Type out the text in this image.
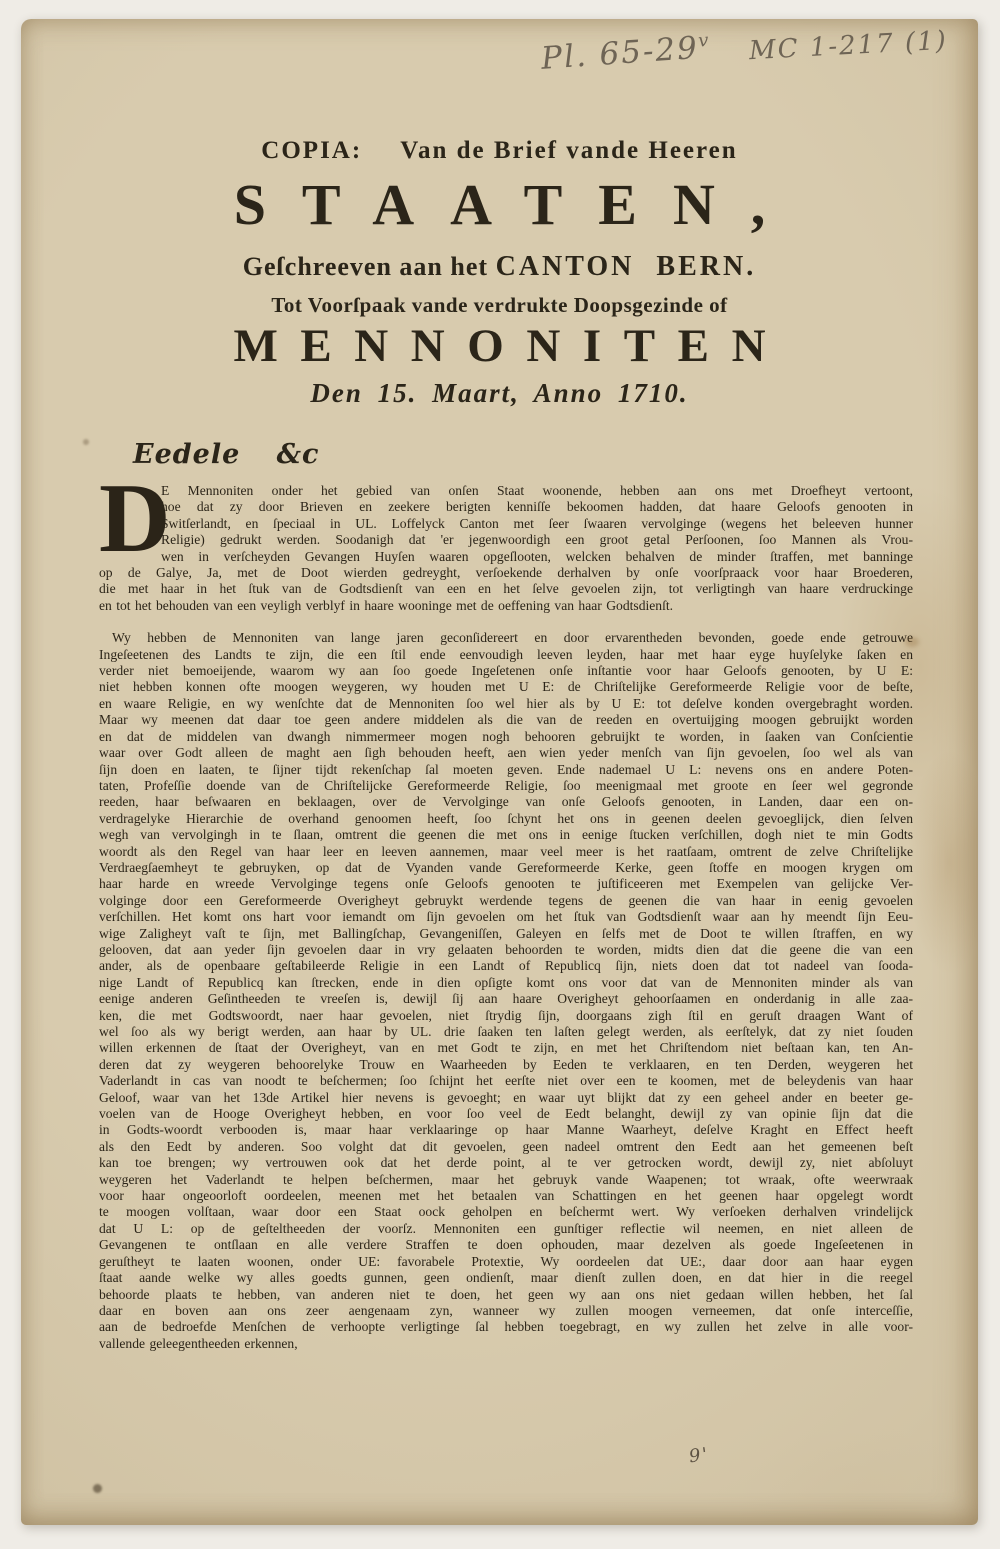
Pl. 65-29$^v$ MC 1-217 (1)
9'
COPIA: Van de Brief vande Heeren
STAATEN,
Geſchreeven aan het CANTON BERN.
Tot Voorſpaak vande verdrukte Doopsgezinde of
MENNONITEN
Den 15. Maart, Anno 1710.
Eedele &c
D
E Mennoniten onder het gebied van onſen Staat woonende, hebben aan ons met Droefheyt vertoont,
hoe dat zy door Brieven en zeekere berigten kenniſſe bekoomen hadden, dat haare Geloofs genooten in
Switſerlandt, en ſpeciaal in UL. Loffelyck Canton met ſeer ſwaaren vervolginge (wegens het beleeven hunner
Religie) gedrukt werden. Soodanigh dat 'er jegenwoordigh een groot getal Perſoonen, ſoo Mannen als Vrou-
wen in verſcheyden Gevangen Huyſen waaren opgeſlooten, welcken behalven de minder ſtraffen, met banninge
op de Galye, Ja, met de Doot wierden gedreyght, verſoekende derhalven by onſe voorſpraack voor haar Broederen,
die met haar in het ſtuk van de Godtsdienſt van een en het ſelve gevoelen zijn, tot verligtingh van haare verdruckinge
en tot het behouden van een veyligh verblyf in haare wooninge met de oeffening van haar Godtsdienſt.
Wy hebben de Mennoniten van lange jaren geconſidereert en door ervarentheden bevonden, goede ende getrouwe
Ingeſeetenen des Landts te zijn, die een ſtil ende eenvoudigh leeven leyden, haar met haar eyge huyſelyke ſaken en
verder niet bemoeijende, waarom wy aan ſoo goede Ingeſetenen onſe inſtantie voor haar Geloofs genooten, by U E:
niet hebben konnen ofte moogen weygeren, wy houden met U E: de Chriſtelijke Gereformeerde Religie voor de beſte,
en waare Religie, en wy wenſchte dat de Mennoniten ſoo wel hier als by U E: tot deſelve konden overgebraght worden.
Maar wy meenen dat daar toe geen andere middelen als die van de reeden en overtuijging moogen gebruijkt worden
en dat de middelen van dwangh nimmermeer mogen nogh behooren gebruijkt te worden, in ſaaken van Conſcientie
waar over Godt alleen de maght aen ſigh behouden heeft, aen wien yeder menſch van ſijn gevoelen, ſoo wel als van
ſijn doen en laaten, te ſijner tijdt rekenſchap ſal moeten geven. Ende nademael U L: nevens ons en andere Poten-
taten, Profeſſie doende van de Chriſtelijcke Gereformeerde Religie, ſoo meenigmaal met groote en ſeer wel gegronde
reeden, haar beſwaaren en beklaagen, over de Vervolginge van onſe Geloofs genooten, in Landen, daar een on-
verdragelyke Hierarchie de overhand genoomen heeft, ſoo ſchynt het ons in geenen deelen gevoeglijck, dien ſelven
wegh van vervolgingh in te ſlaan, omtrent die geenen die met ons in eenige ſtucken verſchillen, dogh niet te min Godts
woordt als den Regel van haar leer en leeven aannemen, maar veel meer is het raatſaam, omtrent de zelve Chriſtelijke
Verdraegſaemheyt te gebruyken, op dat de Vyanden vande Gereformeerde Kerke, geen ſtoffe en moogen krygen om
haar harde en wreede Vervolginge tegens onſe Geloofs genooten te juſtificeeren met Exempelen van gelijcke Ver-
volginge door een Gereformeerde Overigheyt gebruykt werdende tegens de geenen die van haar in eenig gevoelen
verſchillen. Het komt ons hart voor iemandt om ſijn gevoelen om het ſtuk van Godtsdienſt waar aan hy meendt ſijn Eeu-
wige Zaligheyt vaſt te ſijn, met Ballingſchap, Gevangeniſſen, Galeyen en ſelfs met de Doot te willen ſtraffen, en wy
gelooven, dat aan yeder ſijn gevoelen daar in vry gelaaten behoorden te worden, midts dien dat die geene die van een
ander, als de openbaare geſtabileerde Religie in een Landt of Republicq ſijn, niets doen dat tot nadeel van ſooda-
nige Landt of Republicq kan ſtrecken, ende in dien opſigte komt ons voor dat van de Mennoniten minder als van
eenige anderen Geſintheeden te vreeſen is, dewijl ſij aan haare Overigheyt gehoorſaamen en onderdanig in alle zaa-
ken, die met Godtswoordt, naer haar gevoelen, niet ſtrydig ſijn, doorgaans zigh ſtil en geruſt draagen Want of
wel ſoo als wy berigt werden, aan haar by UL. drie ſaaken ten laſten gelegt werden, als eerſtelyk, dat zy niet ſouden
willen erkennen de ſtaat der Overigheyt, van en met Godt te zijn, en met het Chriſtendom niet beſtaan kan, ten An-
deren dat zy weygeren behoorelyke Trouw en Waarheeden by Eeden te verklaaren, en ten Derden, weygeren het
Vaderlandt in cas van noodt te beſchermen; ſoo ſchijnt het eerſte niet over een te koomen, met de beleydenis van haar
Geloof, waar van het 13de Artikel hier nevens is gevoeght; en waar uyt blijkt dat zy een geheel ander en beeter ge-
voelen van de Hooge Overigheyt hebben, en voor ſoo veel de Eedt belanght, dewijl zy van opinie ſijn dat die
in Godts-woordt verbooden is, maar haar verklaaringe op haar Manne Waarheyt, deſelve Kraght en Effect heeft
als den Eedt by anderen. Soo volght dat dit gevoelen, geen nadeel omtrent den Eedt aan het gemeenen beſt
kan toe brengen; wy vertrouwen ook dat het derde point, al te ver getrocken wordt, dewijl zy, niet abſoluyt
weygeren het Vaderlandt te helpen beſchermen, maar het gebruyk vande Waapenen; tot wraak, ofte weerwraak
voor haar ongeoorloft oordeelen, meenen met het betaalen van Schattingen en het geenen haar opgelegt wordt
te moogen volſtaan, waar door een Staat oock geholpen en beſchermt wert. Wy verſoeken derhalven vrindelijck
dat U L: op de geſteltheeden der voorſz. Mennoniten een gunſtiger reflectie wil neemen, en niet alleen de
Gevangenen te ontſlaan en alle verdere Straffen te doen ophouden, maar dezelven als goede Ingeſeetenen in
geruſtheyt te laaten woonen, onder UE: favorabele Protextie, Wy oordeelen dat UE:, daar door aan haar eygen
ſtaat aande welke wy alles goedts gunnen, geen ondienſt, maar dienſt zullen doen, en dat hier in die reegel
behoorde plaats te hebben, van anderen niet te doen, het geen wy aan ons niet gedaan willen hebben, het ſal
daar en boven aan ons zeer aengenaam zyn, wanneer wy zullen moogen verneemen, dat onſe interceſſie,
aan de bedroefde Menſchen de verhoopte verligtinge ſal hebben toegebragt, en wy zullen het zelve in alle voor-
vallende geleegentheeden erkennen,
